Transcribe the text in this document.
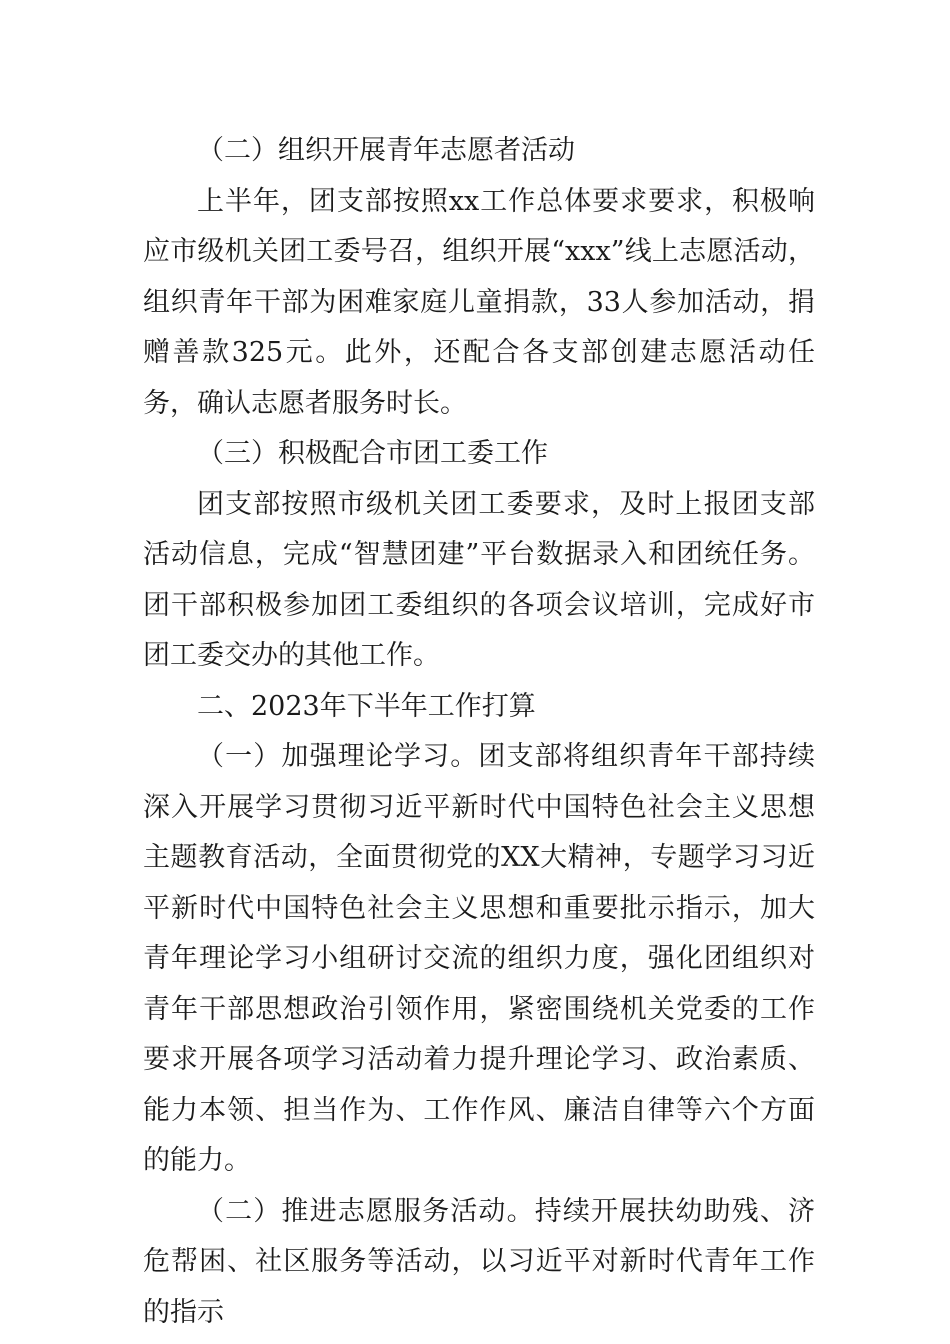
（二）组织开展青年志愿者活动

上半年，团支部按照xx工作总体要求要求，积极响应市级机关团工委号召，组织开展“xxx”线上志愿活动，组织青年干部为困难家庭儿童捐款，33人参加活动，捐赠善款325元。此外，还配合各支部创建志愿活动任务，确认志愿者服务时长。

（三）积极配合市团工委工作

团支部按照市级机关团工委要求，及时上报团支部活动信息，完成“智慧团建”平台数据录入和团统任务。团干部积极参加团工委组织的各项会议培训，完成好市团工委交办的其他工作。

二、2023年下半年工作打算

（一）加强理论学习。团支部将组织青年干部持续深入开展学习贯彻习近平新时代中国特色社会主义思想主题教育活动，全面贯彻党的XX大精神，专题学习习近平新时代中国特色社会主义思想和重要批示指示，加大青年理论学习小组研讨交流的组织力度，强化团组织对青年干部思想政治引领作用，紧密围绕机关党委的工作要求开展各项学习活动着力提升理论学习、政治素质、能力本领、担当作为、工作作风、廉洁自律等六个方面的能力。

（二）推进志愿服务活动。持续开展扶幼助残、济危帮困、社区服务等活动，以习近平对新时代青年工作的指示
